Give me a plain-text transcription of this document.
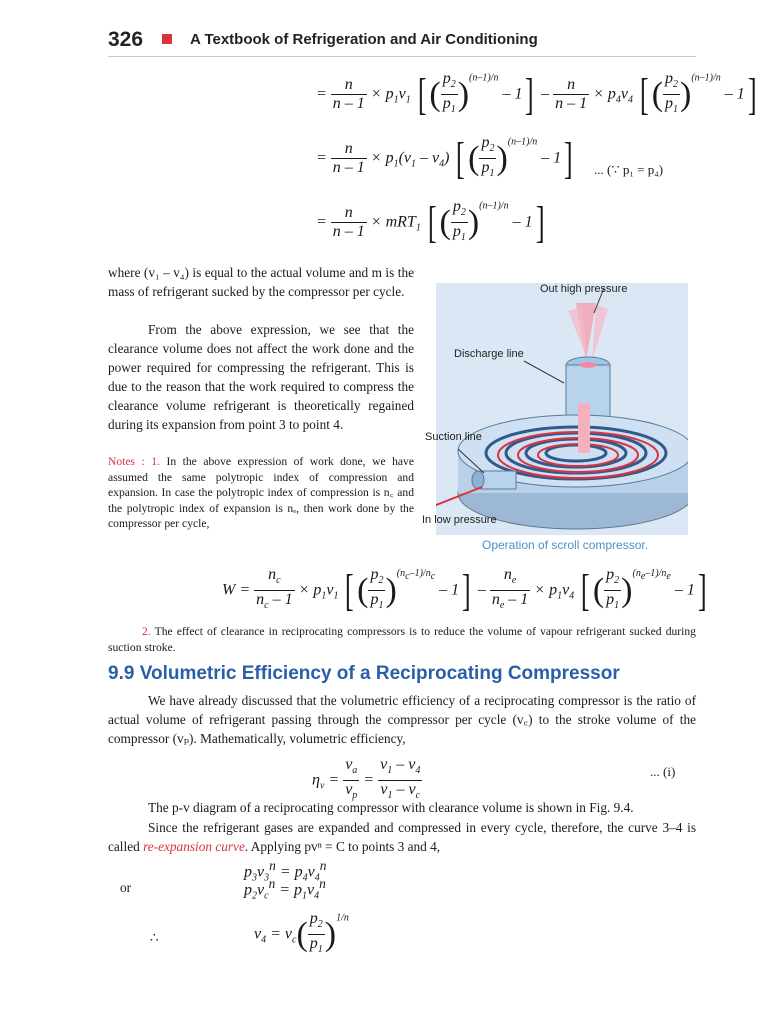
326	A Textbook of Refrigeration and Air Conditioning
= $\frac{n}{n - 1} \times p_1v_1$ [( $\frac{p_2}{p_1} )^{(n-1)/n} - 1] - \frac{n}{n - 1} \times p_4v_4$ [( $\frac{p_2}{p_1} )^{(n-1)/n} - 1$]
= $\frac{n}{n - 1} \times p_1(v_1 - v_4)$ [( $\frac{p_2}{p_1} )^{(n-1)/n} - 1$] ... (∵ p₁ = p₄)
= $\frac{n}{n - 1} \times mRT_1$ [( $\frac{p_2}{p_1} )^{(n-1)/n} - 1$]
where (v₁ – v₄) is equal to the actual volume and m is the mass of refrigerant sucked by the compressor per cycle.
From the above expression, we see that the clearance volume does not affect the work done and the power required for compressing the refrigerant. This is due to the reason that the work required to compress the clearance volume refrigerant is theoretically regained during its expansion from point 3 to point 4.
Notes : 1. In the above expression of work done, we have assumed the same polytropic index of compression and expansion. In case the polytropic index of compression is n꜀ and the polytropic index of expansion is nₑ, then work done by the compressor per cycle,
Out high pressure
Discharge line
Suction line
In low pressure
Operation of scroll compressor.
$W = \frac{n_c}{n_c - 1} \times p_1v_1$ [( $\frac{p_2}{p_1} )^{(n_c-1)/n_c} - 1] - \frac{n_e}{n_e - 1} \times p_1v_4$ [( $\frac{p_2}{p_1} )^{(n_e-1)/n_e} - 1$]
2. The effect of clearance in reciprocating compressors is to reduce the volume of vapour refrigerant sucked during suction stroke.
9.9 Volumetric Efficiency of a Reciprocating Compressor
We have already discussed that the volumetric efficiency of a reciprocating compressor is the ratio of actual volume of refrigerant passing through the compressor per cycle (v꜀) to the stroke volume of the compressor (vₚ). Mathematically, volumetric efficiency,
$\eta_v = \frac{v_a}{v_p} = \frac{v_1 - v_4}{v_1 - v_c}$	... (i)
The p-v diagram of a reciprocating compressor with clearance volume is shown in Fig. 9.4.
Since the refrigerant gases are expanded and compressed in every cycle, therefore, the curve 3–4 is called re-expansion curve. Applying pvⁿ = C to points 3 and 4,
$p_3v_3^n = p_4v_4^n$
or	$p_2v_c^n = p_1v_4^n$
∴	$v_4 = v_c( \frac{p_2}{p_1} )^{1/n}$
